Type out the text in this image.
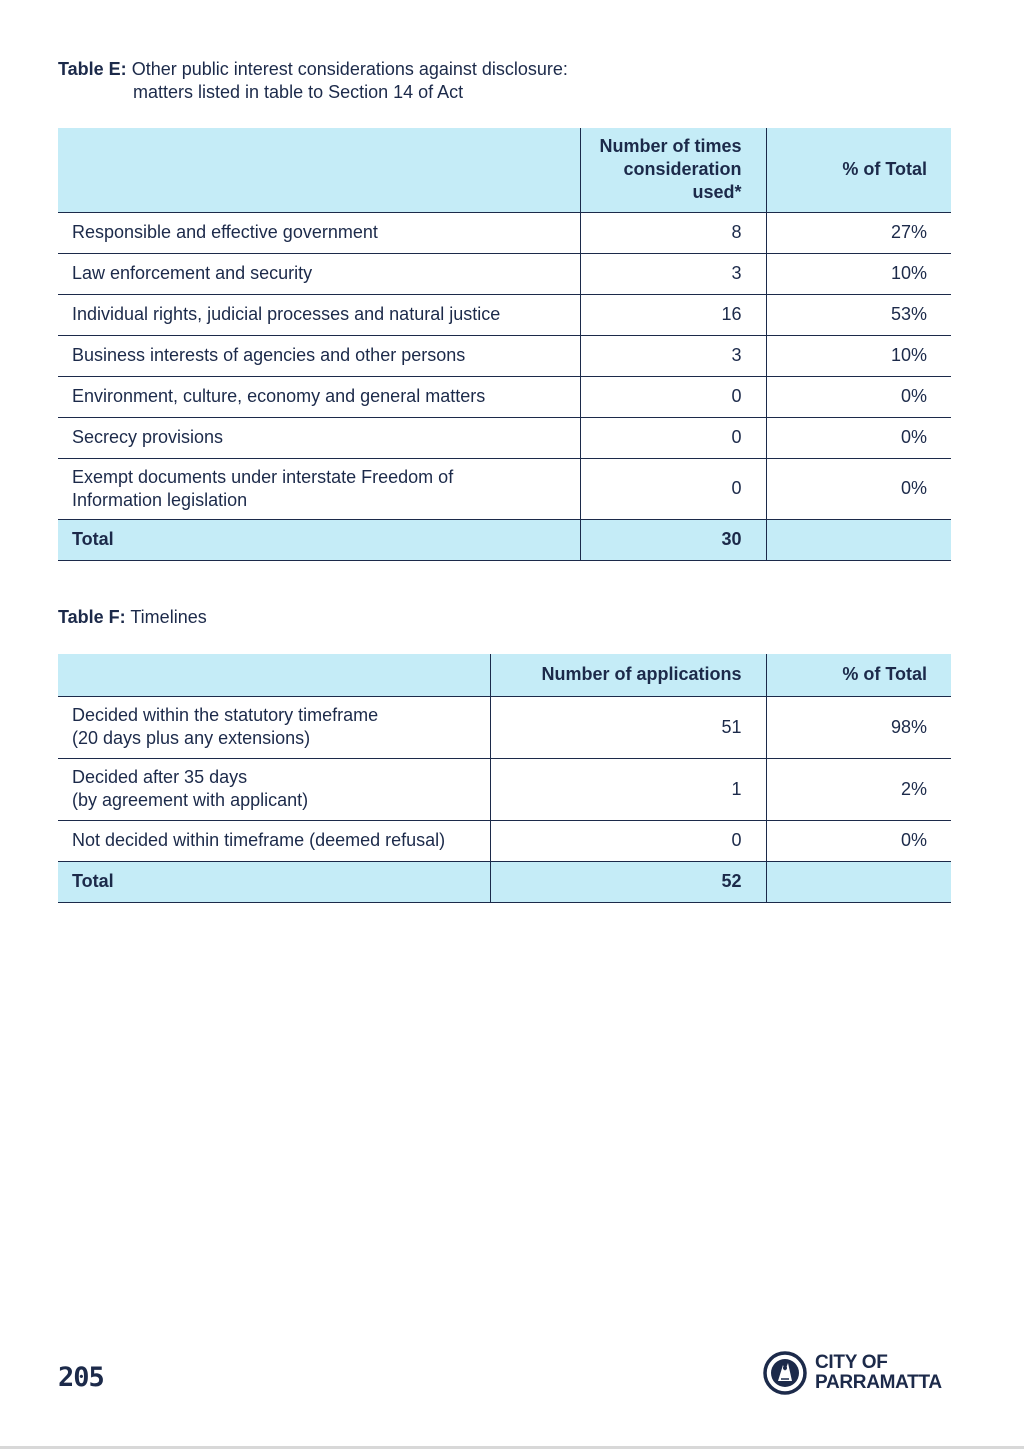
Table E: Other public interest considerations against disclosure:
matters listed in table to Section 14 of Act
	Number of times
consideration
used*	% of Total
Responsible and effective government	8	27%
Law enforcement and security	3	10%
Individual rights, judicial processes and natural justice	16	53%
Business interests of agencies and other persons	3	10%
Environment, culture, economy and general matters	0	0%
Secrecy provisions	0	0%
Exempt documents under interstate Freedom of
Information legislation	0	0%
Total	30	
Table F: Timelines
	Number of applications	% of Total
Decided within the statutory timeframe
(20 days plus any extensions)	51	98%
Decided after 35 days
(by agreement with applicant)	1	2%
Not decided within timeframe (deemed refusal)	0	0%
Total	52	
205	CITY OF
PARRAMATTA
